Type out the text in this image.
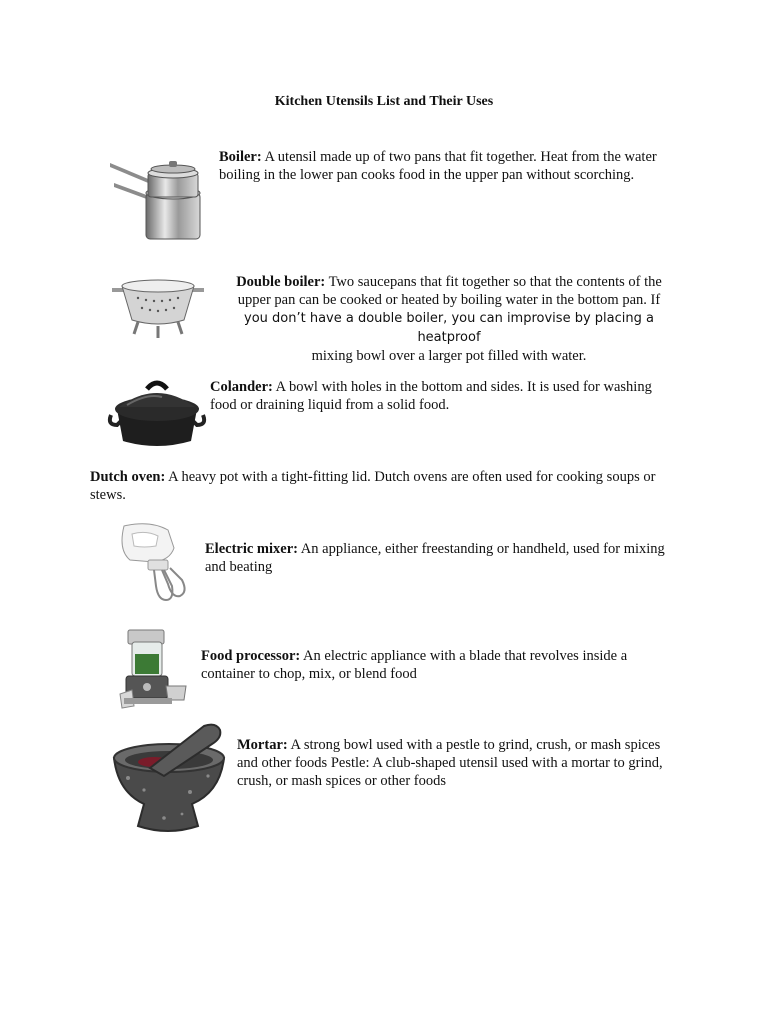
Kitchen Utensils List and Their Uses
Boiler: A utensil made up of two pans that fit together. Heat from the water boiling in the lower pan cooks food in the upper pan without scorching.
Double boiler: Two saucepans that fit together so that the contents of the upper pan can be cooked or heated by boiling water in the bottom pan. If
you don’t have a double boiler, you can improvise by placing a heatproof
mixing bowl over a larger pot filled with water.
Colander: A bowl with holes in the bottom and sides. It is used for washing food or draining liquid from a solid food.
Dutch oven: A heavy pot with a tight-fitting lid. Dutch ovens are often used for cooking soups or stews.
Electric mixer: An appliance, either freestanding or handheld, used for mixing and beating
Food processor: An electric appliance with a blade that revolves inside a container to chop, mix, or blend food
Mortar: A strong bowl used with a pestle to grind, crush, or mash spices and other foods Pestle: A club-shaped utensil used with a mortar to grind, crush, or mash spices or other foods
